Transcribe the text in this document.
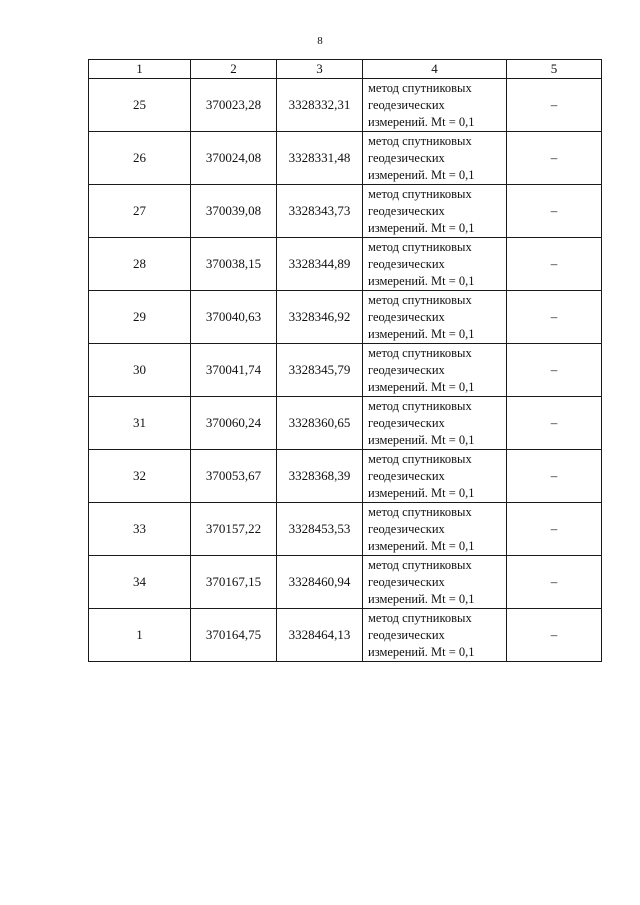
8
1	2	3	4	5
25	370023,28	3328332,31	метод спутниковых
геодезических
измерений. Mt = 0,1	–
26	370024,08	3328331,48	метод спутниковых
геодезических
измерений. Mt = 0,1	–
27	370039,08	3328343,73	метод спутниковых
геодезических
измерений. Mt = 0,1	–
28	370038,15	3328344,89	метод спутниковых
геодезических
измерений. Mt = 0,1	–
29	370040,63	3328346,92	метод спутниковых
геодезических
измерений. Mt = 0,1	–
30	370041,74	3328345,79	метод спутниковых
геодезических
измерений. Mt = 0,1	–
31	370060,24	3328360,65	метод спутниковых
геодезических
измерений. Mt = 0,1	–
32	370053,67	3328368,39	метод спутниковых
геодезических
измерений. Mt = 0,1	–
33	370157,22	3328453,53	метод спутниковых
геодезических
измерений. Mt = 0,1	–
34	370167,15	3328460,94	метод спутниковых
геодезических
измерений. Mt = 0,1	–
1	370164,75	3328464,13	метод спутниковых
геодезических
измерений. Mt = 0,1	–
